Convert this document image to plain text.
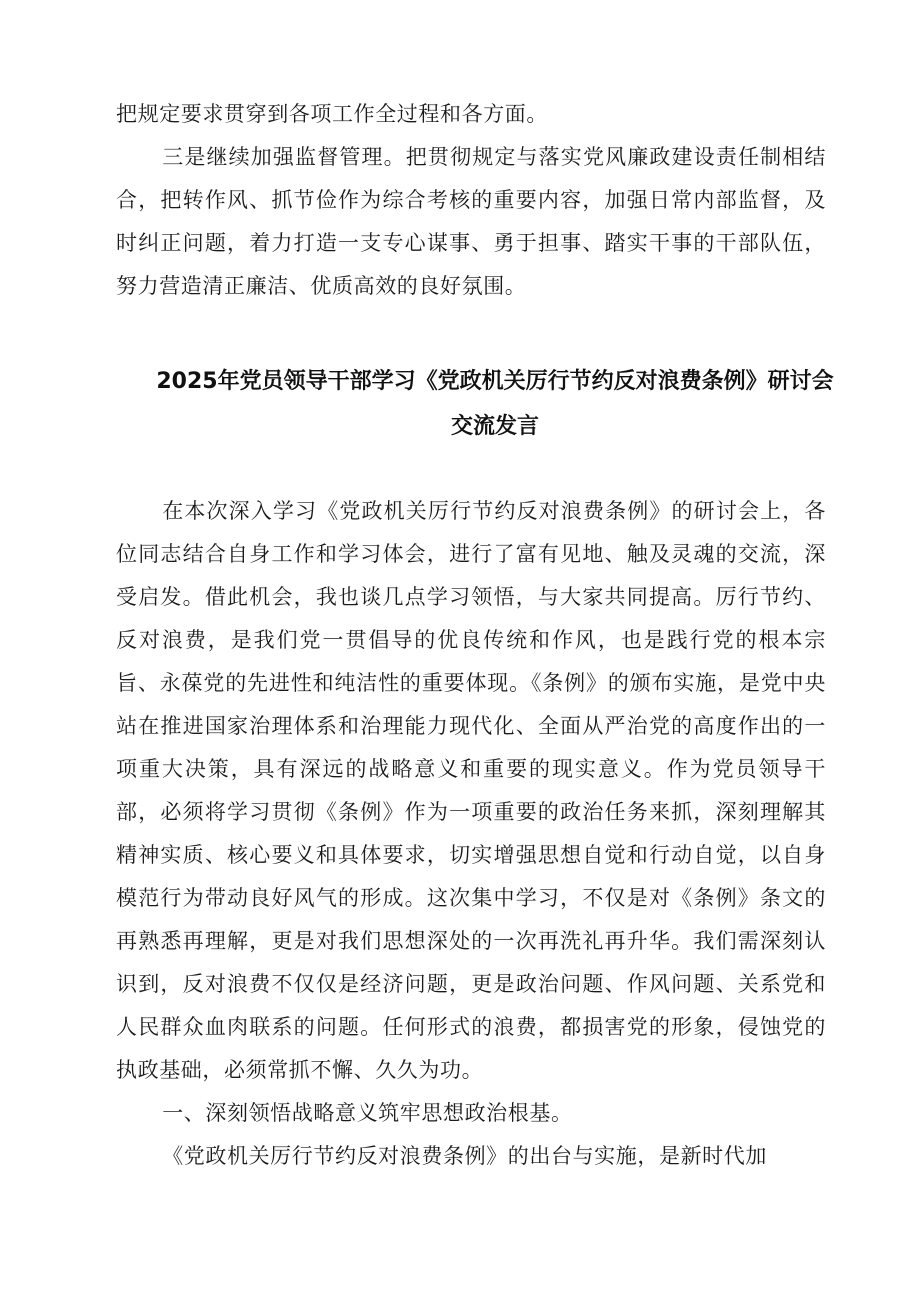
把规定要求贯穿到各项工作全过程和各方面。

三是继续加强监督管理。把贯彻规定与落实党风廉政建设责任制相结合，把转作风、抓节俭作为综合考核的重要内容，加强日常内部监督，及时纠正问题，着力打造一支专心谋事、勇于担事、踏实干事的干部队伍，努力营造清正廉洁、优质高效的良好氛围。

2025年党员领导干部学习《党政机关厉行节约反对浪费条例》研讨会交流发言

在本次深入学习《党政机关厉行节约反对浪费条例》的研讨会上，各位同志结合自身工作和学习体会，进行了富有见地、触及灵魂的交流，深受启发。借此机会，我也谈几点学习领悟，与大家共同提高。厉行节约、反对浪费，是我们党一贯倡导的优良传统和作风，也是践行党的根本宗旨、永葆党的先进性和纯洁性的重要体现。《条例》的颁布实施，是党中央站在推进国家治理体系和治理能力现代化、全面从严治党的高度作出的一项重大决策，具有深远的战略意义和重要的现实意义。作为党员领导干部，必须将学习贯彻《条例》作为一项重要的政治任务来抓，深刻理解其精神实质、核心要义和具体要求，切实增强思想自觉和行动自觉，以自身模范行为带动良好风气的形成。这次集中学习，不仅是对《条例》条文的再熟悉再理解，更是对我们思想深处的一次再洗礼再升华。我们需深刻认识到，反对浪费不仅仅是经济问题，更是政治问题、作风问题、关系党和人民群众血肉联系的问题。任何形式的浪费，都损害党的形象，侵蚀党的执政基础，必须常抓不懈、久久为功。

一、深刻领悟战略意义筑牢思想政治根基。

《党政机关厉行节约反对浪费条例》的出台与实施，是新时代加
